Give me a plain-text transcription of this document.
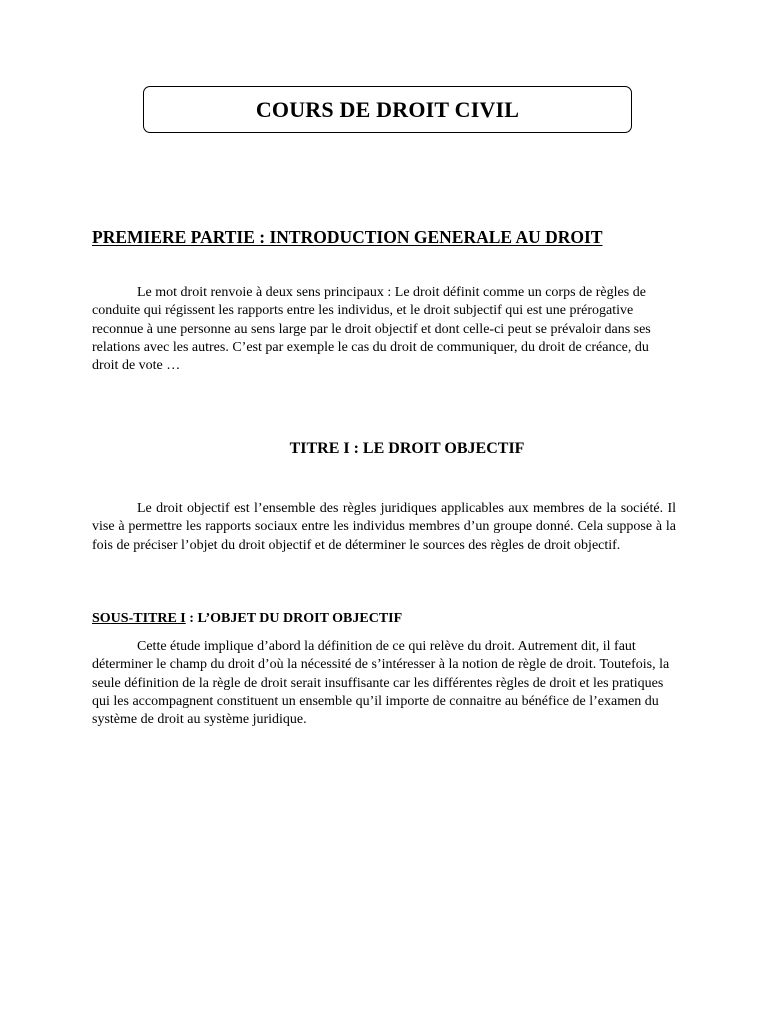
COURS DE DROIT CIVIL
PREMIERE PARTIE : INTRODUCTION GENERALE AU DROIT

Le mot droit renvoie à deux sens principaux : Le droit définit comme un corps de règles de conduite qui régissent les rapports entre les individus, et le droit subjectif qui est une prérogative reconnue à une personne au sens large par le droit objectif et dont celle-ci peut se prévaloir dans ses relations avec les autres. C’est par exemple le cas du droit de communiquer, du droit de créance, du droit de vote …

TITRE I : LE DROIT OBJECTIF

Le droit objectif est l’ensemble des règles juridiques applicables aux membres de la société. Il vise à permettre les rapports sociaux entre les individus membres d’un groupe donné. Cela suppose à la fois de préciser l’objet du droit objectif et de déterminer le sources des règles de droit objectif.

SOUS-TITRE I : L’OBJET DU DROIT OBJECTIF

Cette étude implique d’abord la définition de ce qui relève du droit. Autrement dit, il faut déterminer le champ du droit d’où la nécessité de s’intéresser à la notion de règle de droit. Toutefois, la seule définition de la règle de droit serait insuffisante car les différentes règles de droit et les pratiques qui les accompagnent constituent un ensemble qu’il importe de connaitre au bénéfice de l’examen du système de droit au système juridique.
